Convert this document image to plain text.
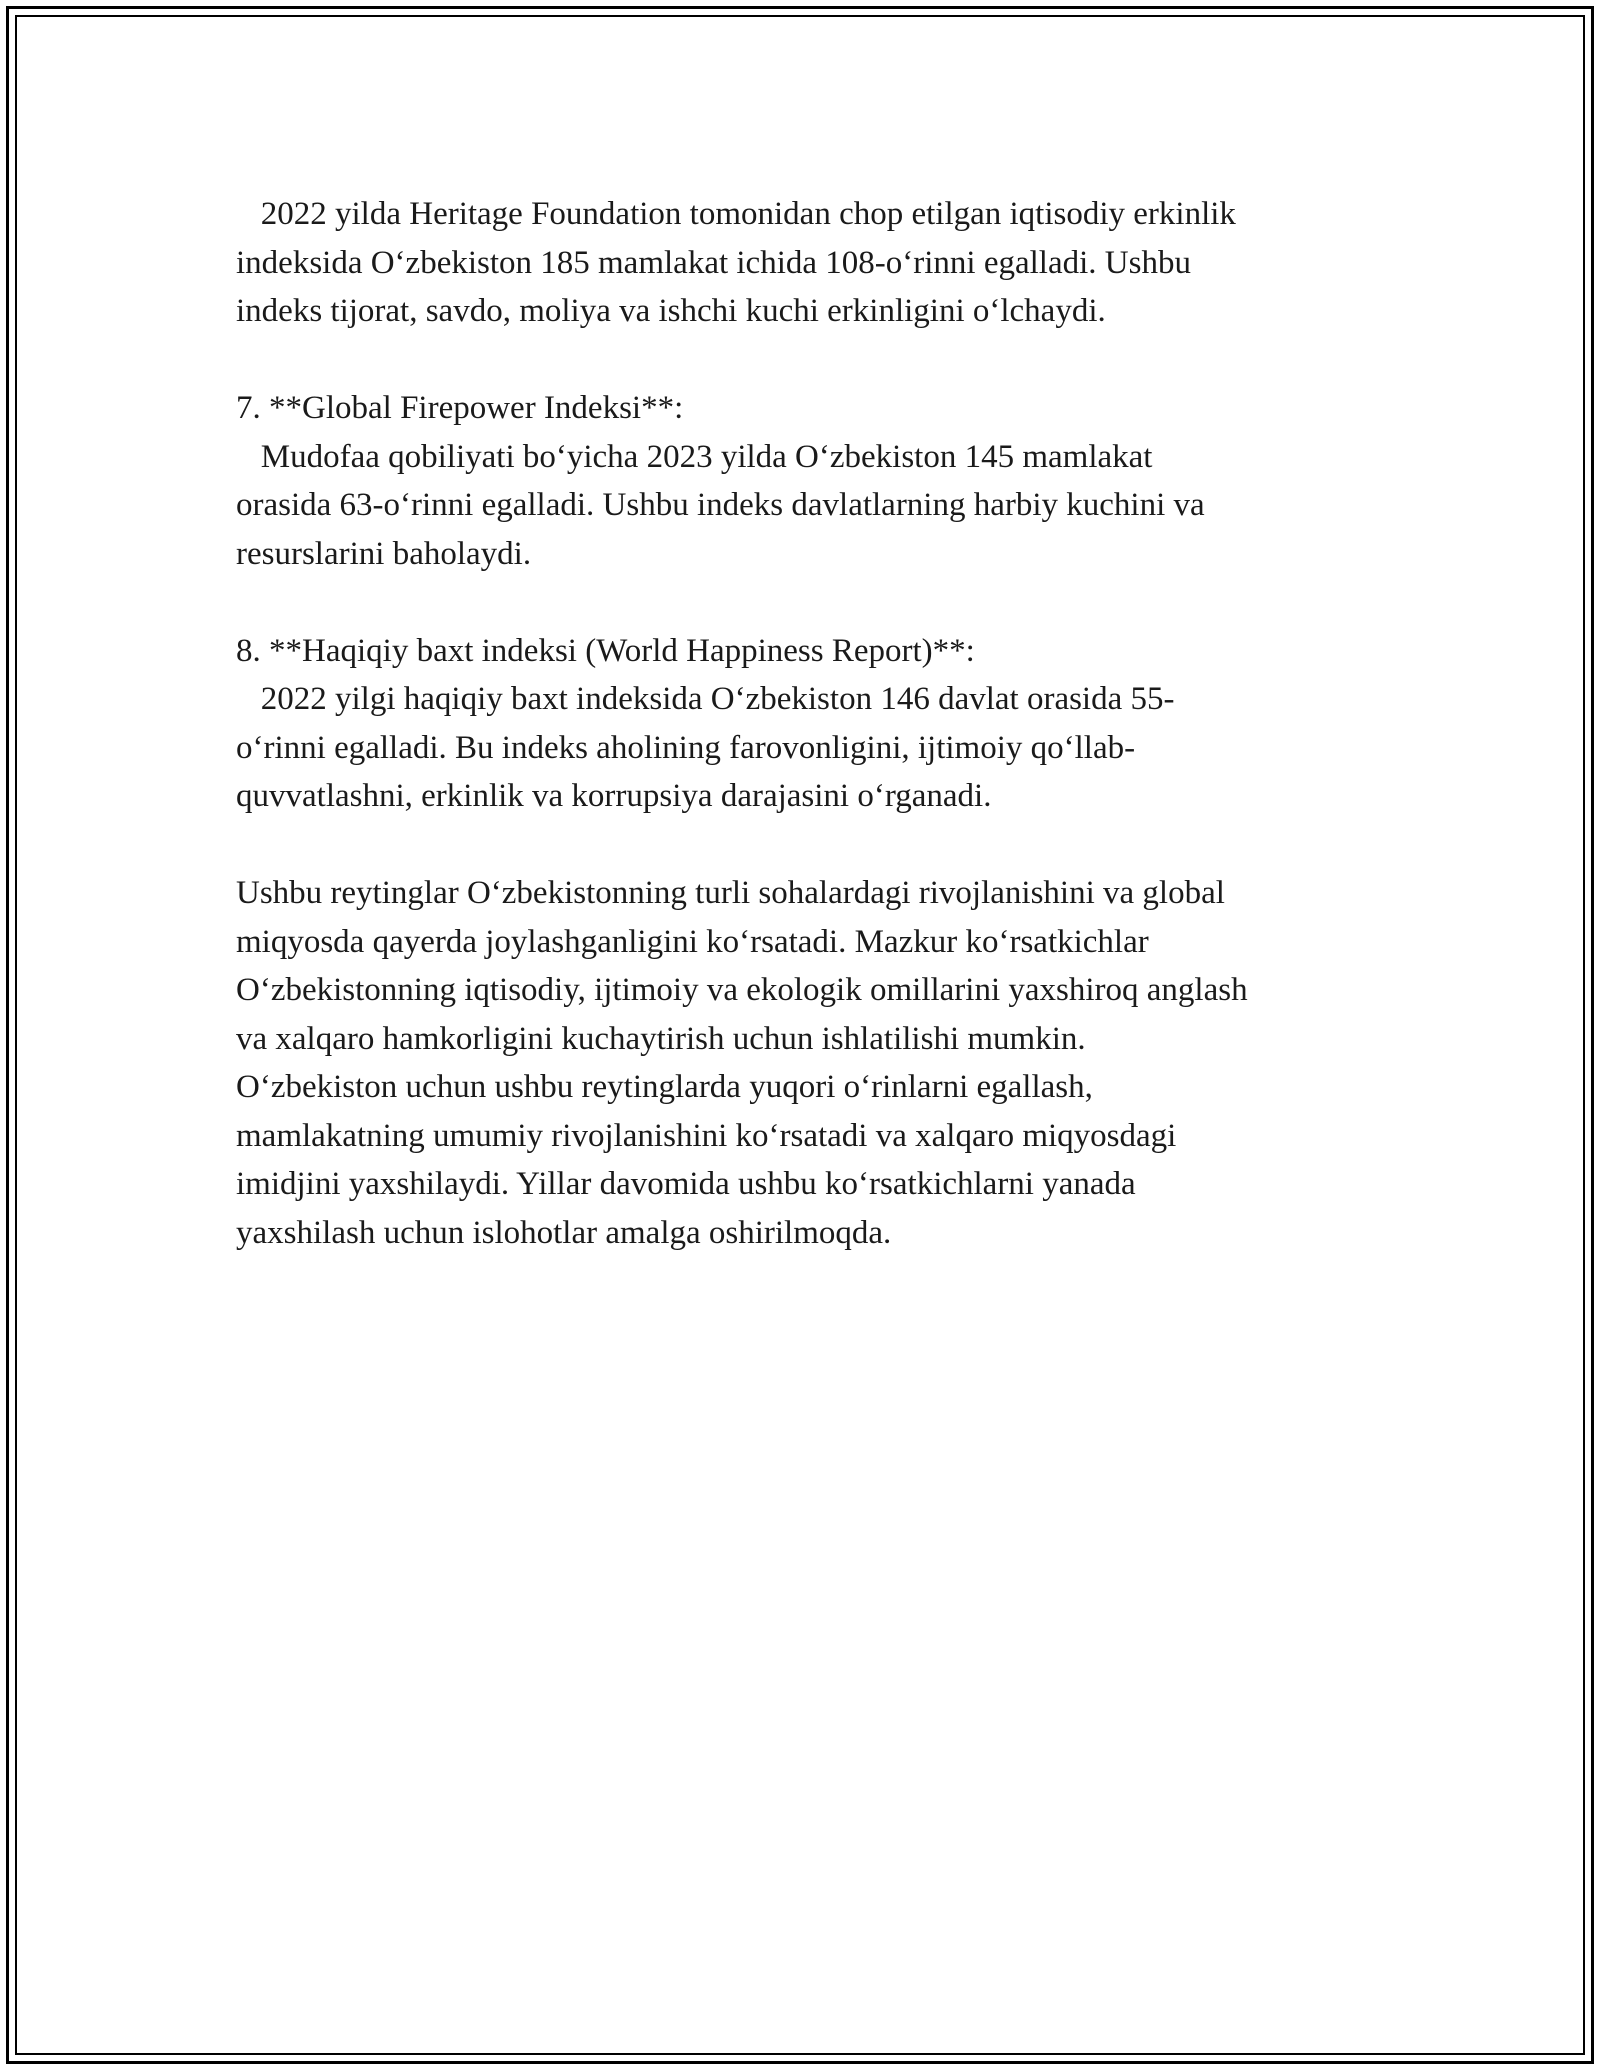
2022 yilda Heritage Foundation tomonidan chop etilgan iqtisodiy erkinlik
indeksida O‘zbekiston 185 mamlakat ichida 108-o‘rinni egalladi. Ushbu
indeks tijorat, savdo, moliya va ishchi kuchi erkinligini o‘lchaydi.

7. **Global Firepower Indeksi**:
Mudofaa qobiliyati bo‘yicha 2023 yilda O‘zbekiston 145 mamlakat
orasida 63-o‘rinni egalladi. Ushbu indeks davlatlarning harbiy kuchini va
resurslarini baholaydi.

8. **Haqiqiy baxt indeksi (World Happiness Report)**:
2022 yilgi haqiqiy baxt indeksida O‘zbekiston 146 davlat orasida 55-
o‘rinni egalladi. Bu indeks aholining farovonligini, ijtimoiy qo‘llab-
quvvatlashni, erkinlik va korrupsiya darajasini o‘rganadi.

Ushbu reytinglar O‘zbekistonning turli sohalardagi rivojlanishini va global
miqyosda qayerda joylashganligini ko‘rsatadi. Mazkur ko‘rsatkichlar
O‘zbekistonning iqtisodiy, ijtimoiy va ekologik omillarini yaxshiroq anglash
va xalqaro hamkorligini kuchaytirish uchun ishlatilishi mumkin.
O‘zbekiston uchun ushbu reytinglarda yuqori o‘rinlarni egallash,
mamlakatning umumiy rivojlanishini ko‘rsatadi va xalqaro miqyosdagi
imidjini yaxshilaydi. Yillar davomida ushbu ko‘rsatkichlarni yanada
yaxshilash uchun islohotlar amalga oshirilmoqda.
